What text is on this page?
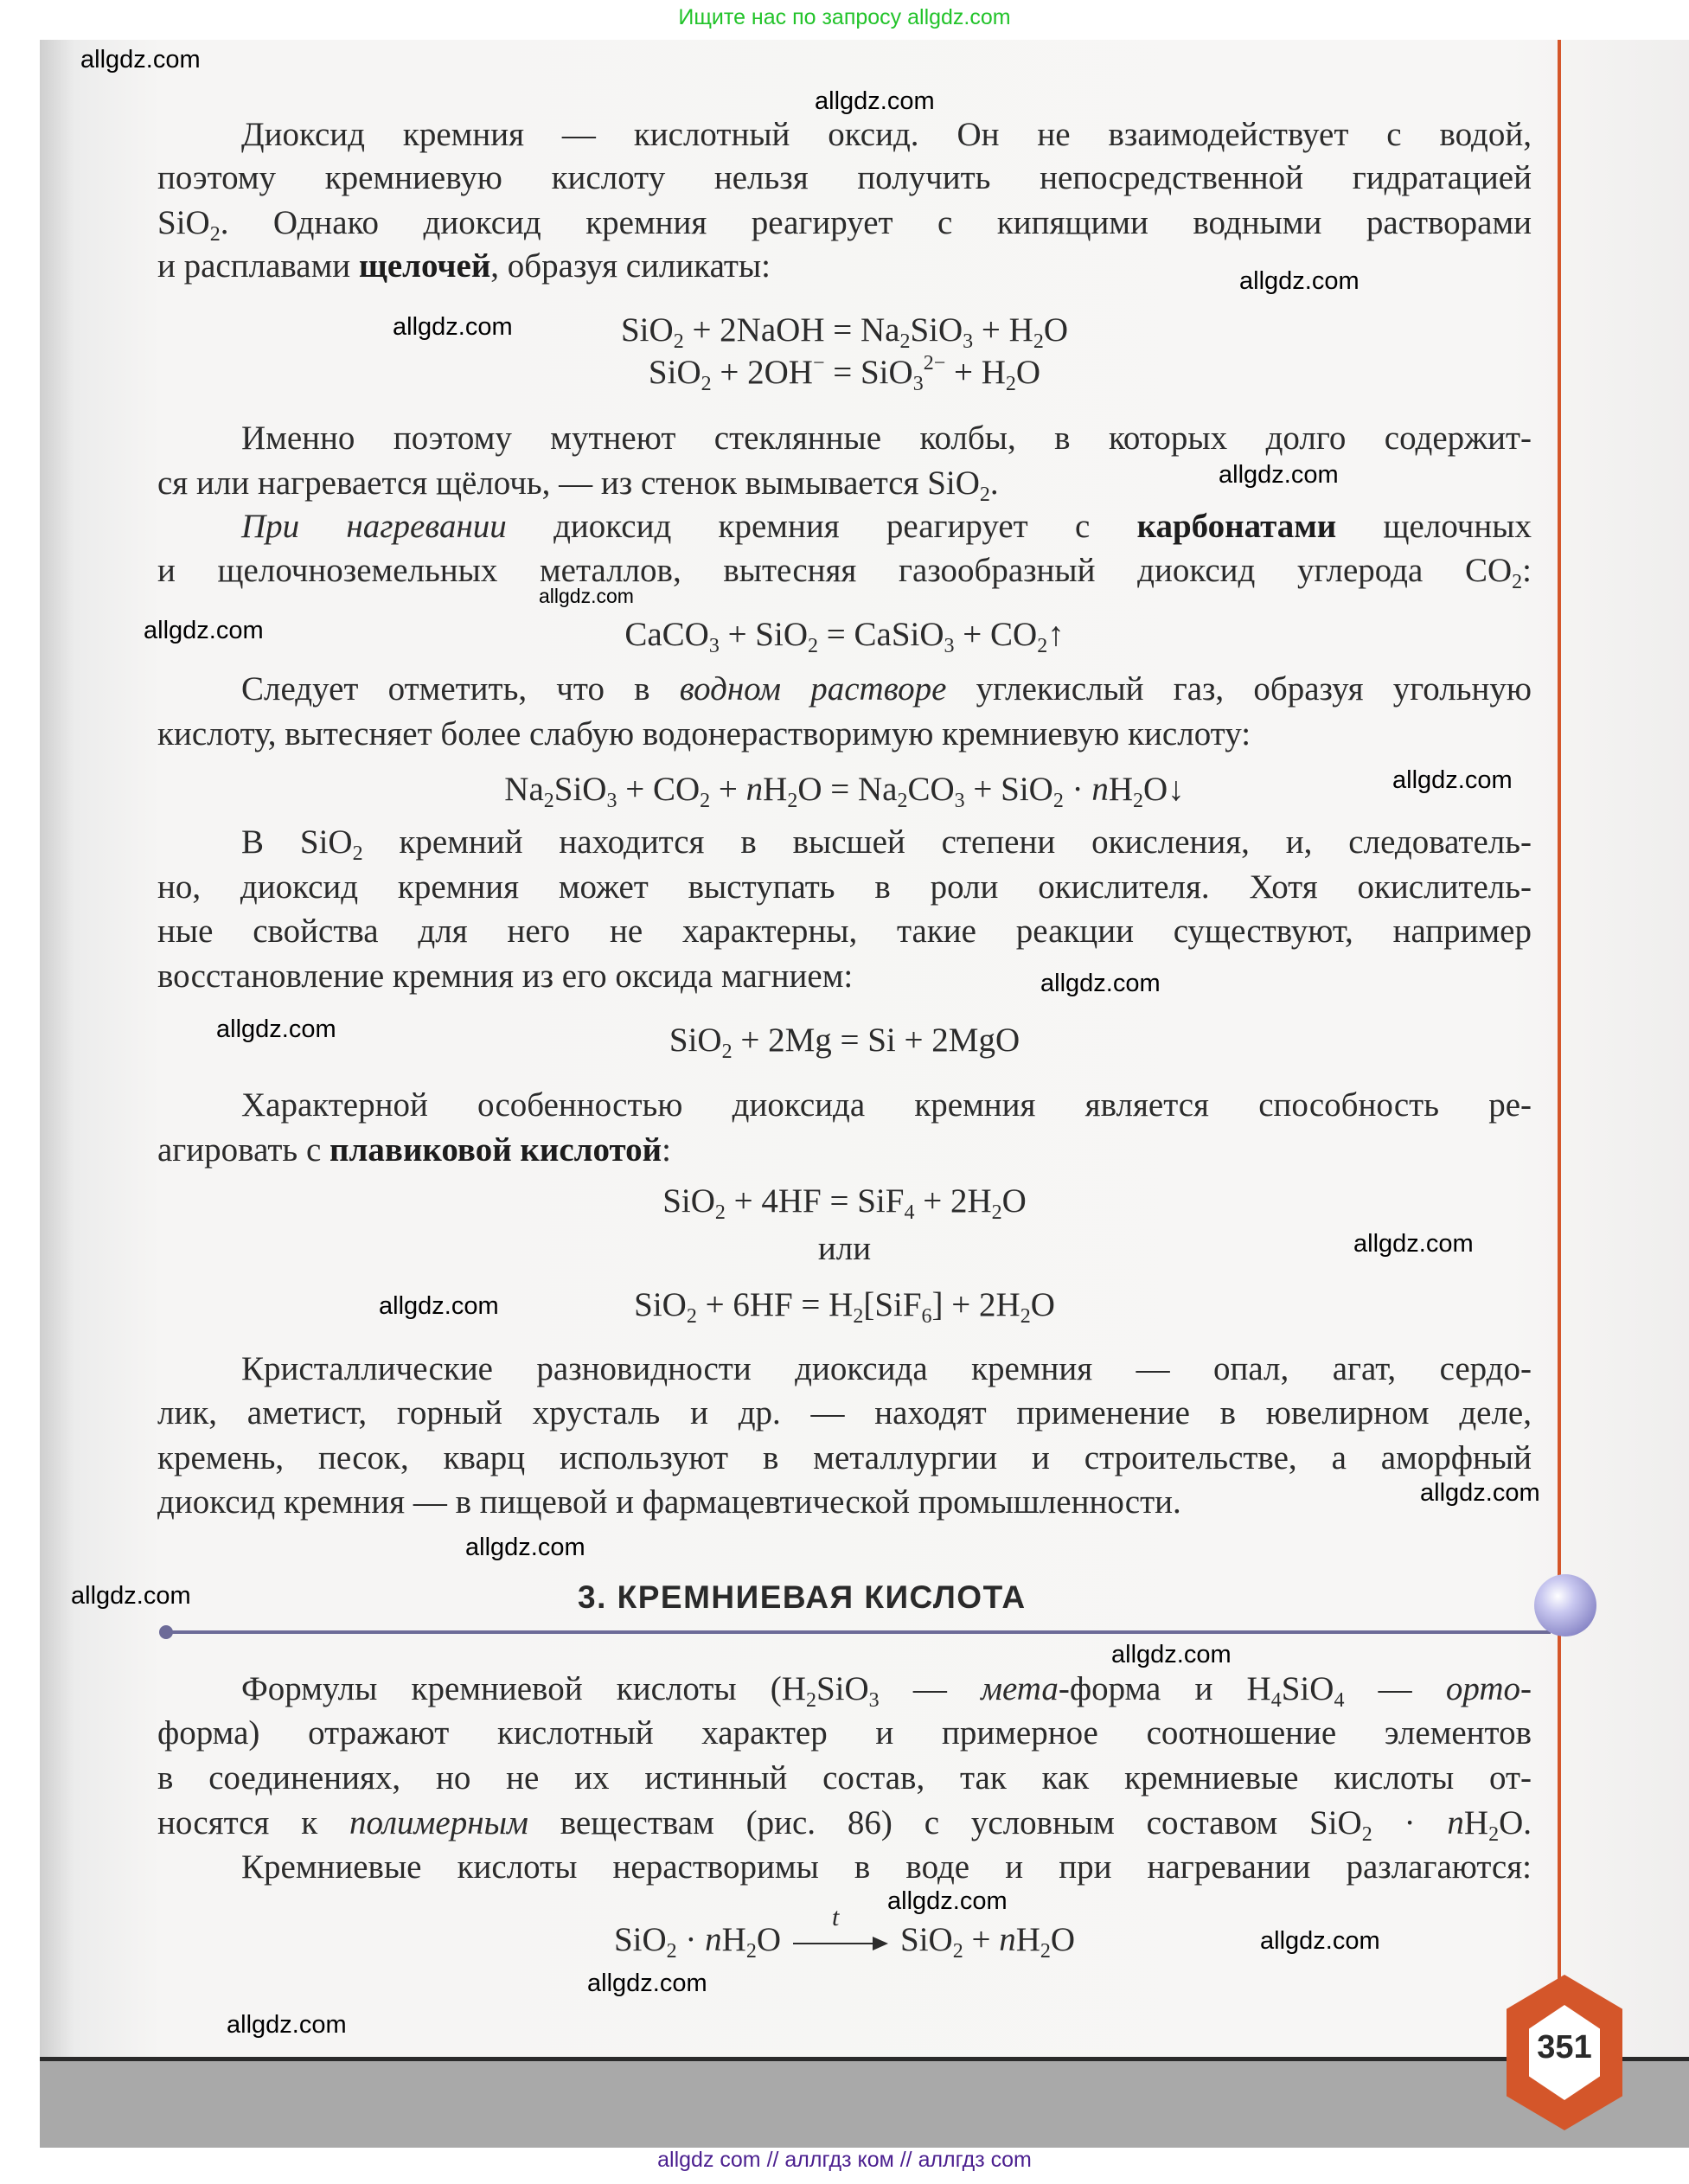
Ищите нас по запросу allgdz.com
allgdz com // аллгдз ком // аллгдз com
Диоксид кремния — кислотный оксид. Он не взаимодействует с водой,
поэтому кремниевую кислоту нельзя получить непосредственной гидратацией
SiO$_2$. Однако диоксид кремния реагирует с кипящими водными растворами
и расплавами щелочей, образуя силикаты:
SiO$_2$ + 2NaOH = $Na_2SiO_3 + H_2O$
$SiO_2 + 2OH^- = SiO_3^{2-} + H_2O$
Именно поэтому мутнеют стеклянные колбы, в которых долго содержит-
ся или нагревается щёлочь, — из стенок вымывается SiO$_2$.
При нагревании диоксид кремния реагирует с карбонатами щелочных
и щелочноземельных металлов, вытесняя газообразный диоксид углерода $CO_2$:
CaCO$_3$ + SiO$_2$ = CaSiO$_3$ + $CO_2↑$
Следует отметить, что в водном растворе углекислый газ, образуя угольную
кислоту, вытесняет более слабую водонерастворимую кремниевую кислоту:
$Na_2SiO_3 + CO_2 + nH_2O = Na_2CO_3 + SiO_2$ · $nH_2O↓$
В SiO$_2$ кремний находится в высшей степени окисления, и, следователь-
но, диоксид кремния может выступать в роли окислителя. Хотя окислитель-
ные свойства для него не характерны, такие реакции существуют, например
восстановление кремния из его оксида магнием:
SiO$_2$ + 2Mg = Si + 2MgO
Характерной особенностью диоксида кремния является способность ре-
агировать с плавиковой кислотой:
$SiO_2 + 4HF = SiF_4 + 2H_2O$
или
$SiO_2 + 6HF = H_2[SiF_6] + 2H_2O$
Кристаллические разновидности диоксида кремния — опал, агат, сердо-
лик, аметист, горный хрусталь и др. — находят применение в ювелирном деле,
кремень, песок, кварц используют в металлургии и строительстве, а аморфный
диоксид кремния — в пищевой и фармацевтической промышленности.
Формулы кремниевой кислоты ($H_2SiO_3$ — мета-форма и $H_4SiO_4$ — орто-
форма) отражают кислотный характер и примерное соотношение элементов
в соединениях, но не их истинный состав, так как кремниевые кислоты от-
носятся к полимерным веществам (рис. 86) с условным составом $SiO_2 \cdot nH_2O$.
Кремниевые кислоты нерастворимы в воде и при нагревании разлагаются:
$SiO_2 \cdot nH_2O$
t
$SiO_2 + nH_2O$
3. КРЕМНИЕВАЯ КИСЛОТА
351
allgdz.com
allgdz.com
allgdz.com
allgdz.com
allgdz.com
allgdz.com
allgdz.com
allgdz.com
allgdz.com
allgdz.com
allgdz.com
allgdz.com
allgdz.com
allgdz.com
allgdz.com
allgdz.com
allgdz.com
allgdz.com
allgdz.com
allgdz.com
